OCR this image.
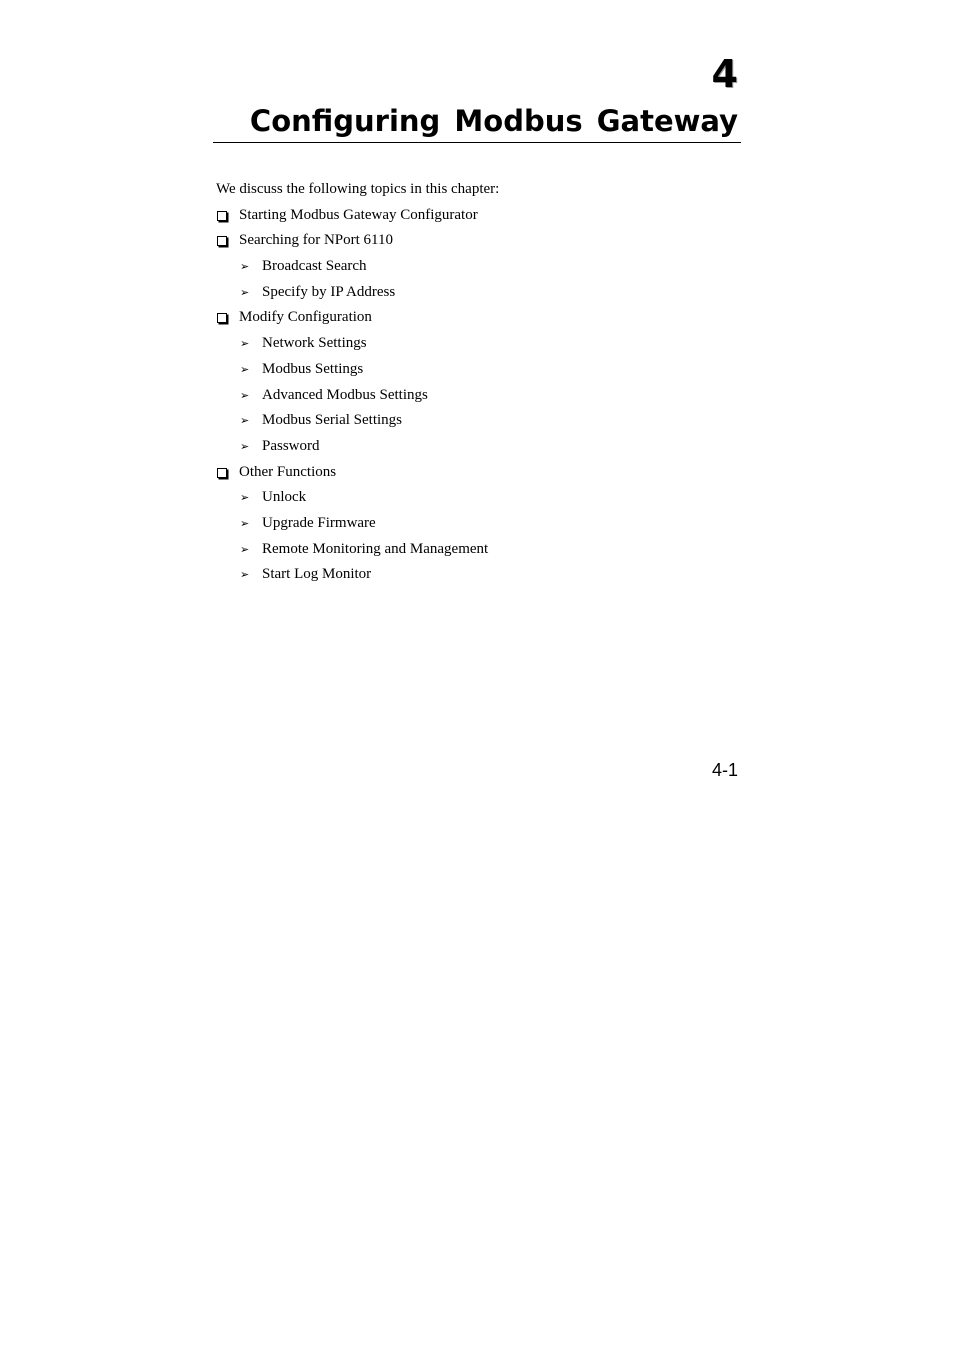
4
Configuring Modbus Gateway
We discuss the following topics in this chapter:
Starting Modbus Gateway Configurator
Searching for NPort 6110
➢ Broadcast Search
➢ Specify by IP Address
Modify Configuration
➢ Network Settings
➢ Modbus Settings
➢ Advanced Modbus Settings
➢ Modbus Serial Settings
➢ Password
Other Functions
➢ Unlock
➢ Upgrade Firmware
➢ Remote Monitoring and Management
➢ Start Log Monitor
4-1
